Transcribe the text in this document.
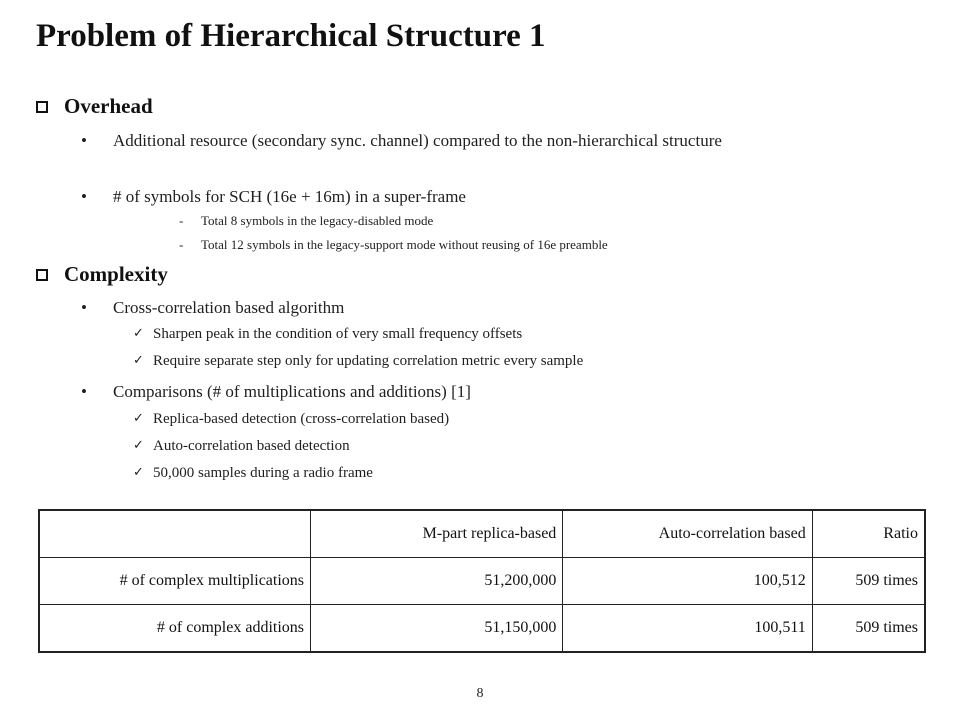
Problem of Hierarchical Structure 1
Overhead
• Additional resource (secondary sync. channel) compared to the non-hierarchical structure
• # of symbols for SCH (16e + 16m) in a super-frame
- Total 8 symbols in the legacy-disabled mode
- Total 12 symbols in the legacy-support mode without reusing of 16e preamble
Complexity
• Cross-correlation based algorithm
✓ Sharpen peak in the condition of very small frequency offsets
✓ Require separate step only for updating correlation metric every sample
• Comparisons (# of multiplications and additions) [1]
✓ Replica-based detection (cross-correlation based)
✓ Auto-correlation based detection
✓ 50,000 samples during a radio frame
	M-part replica-based	Auto-correlation based	Ratio
# of complex multiplications	51,200,000	100,512	509 times
# of complex additions	51,150,000	100,511	509 times
8
